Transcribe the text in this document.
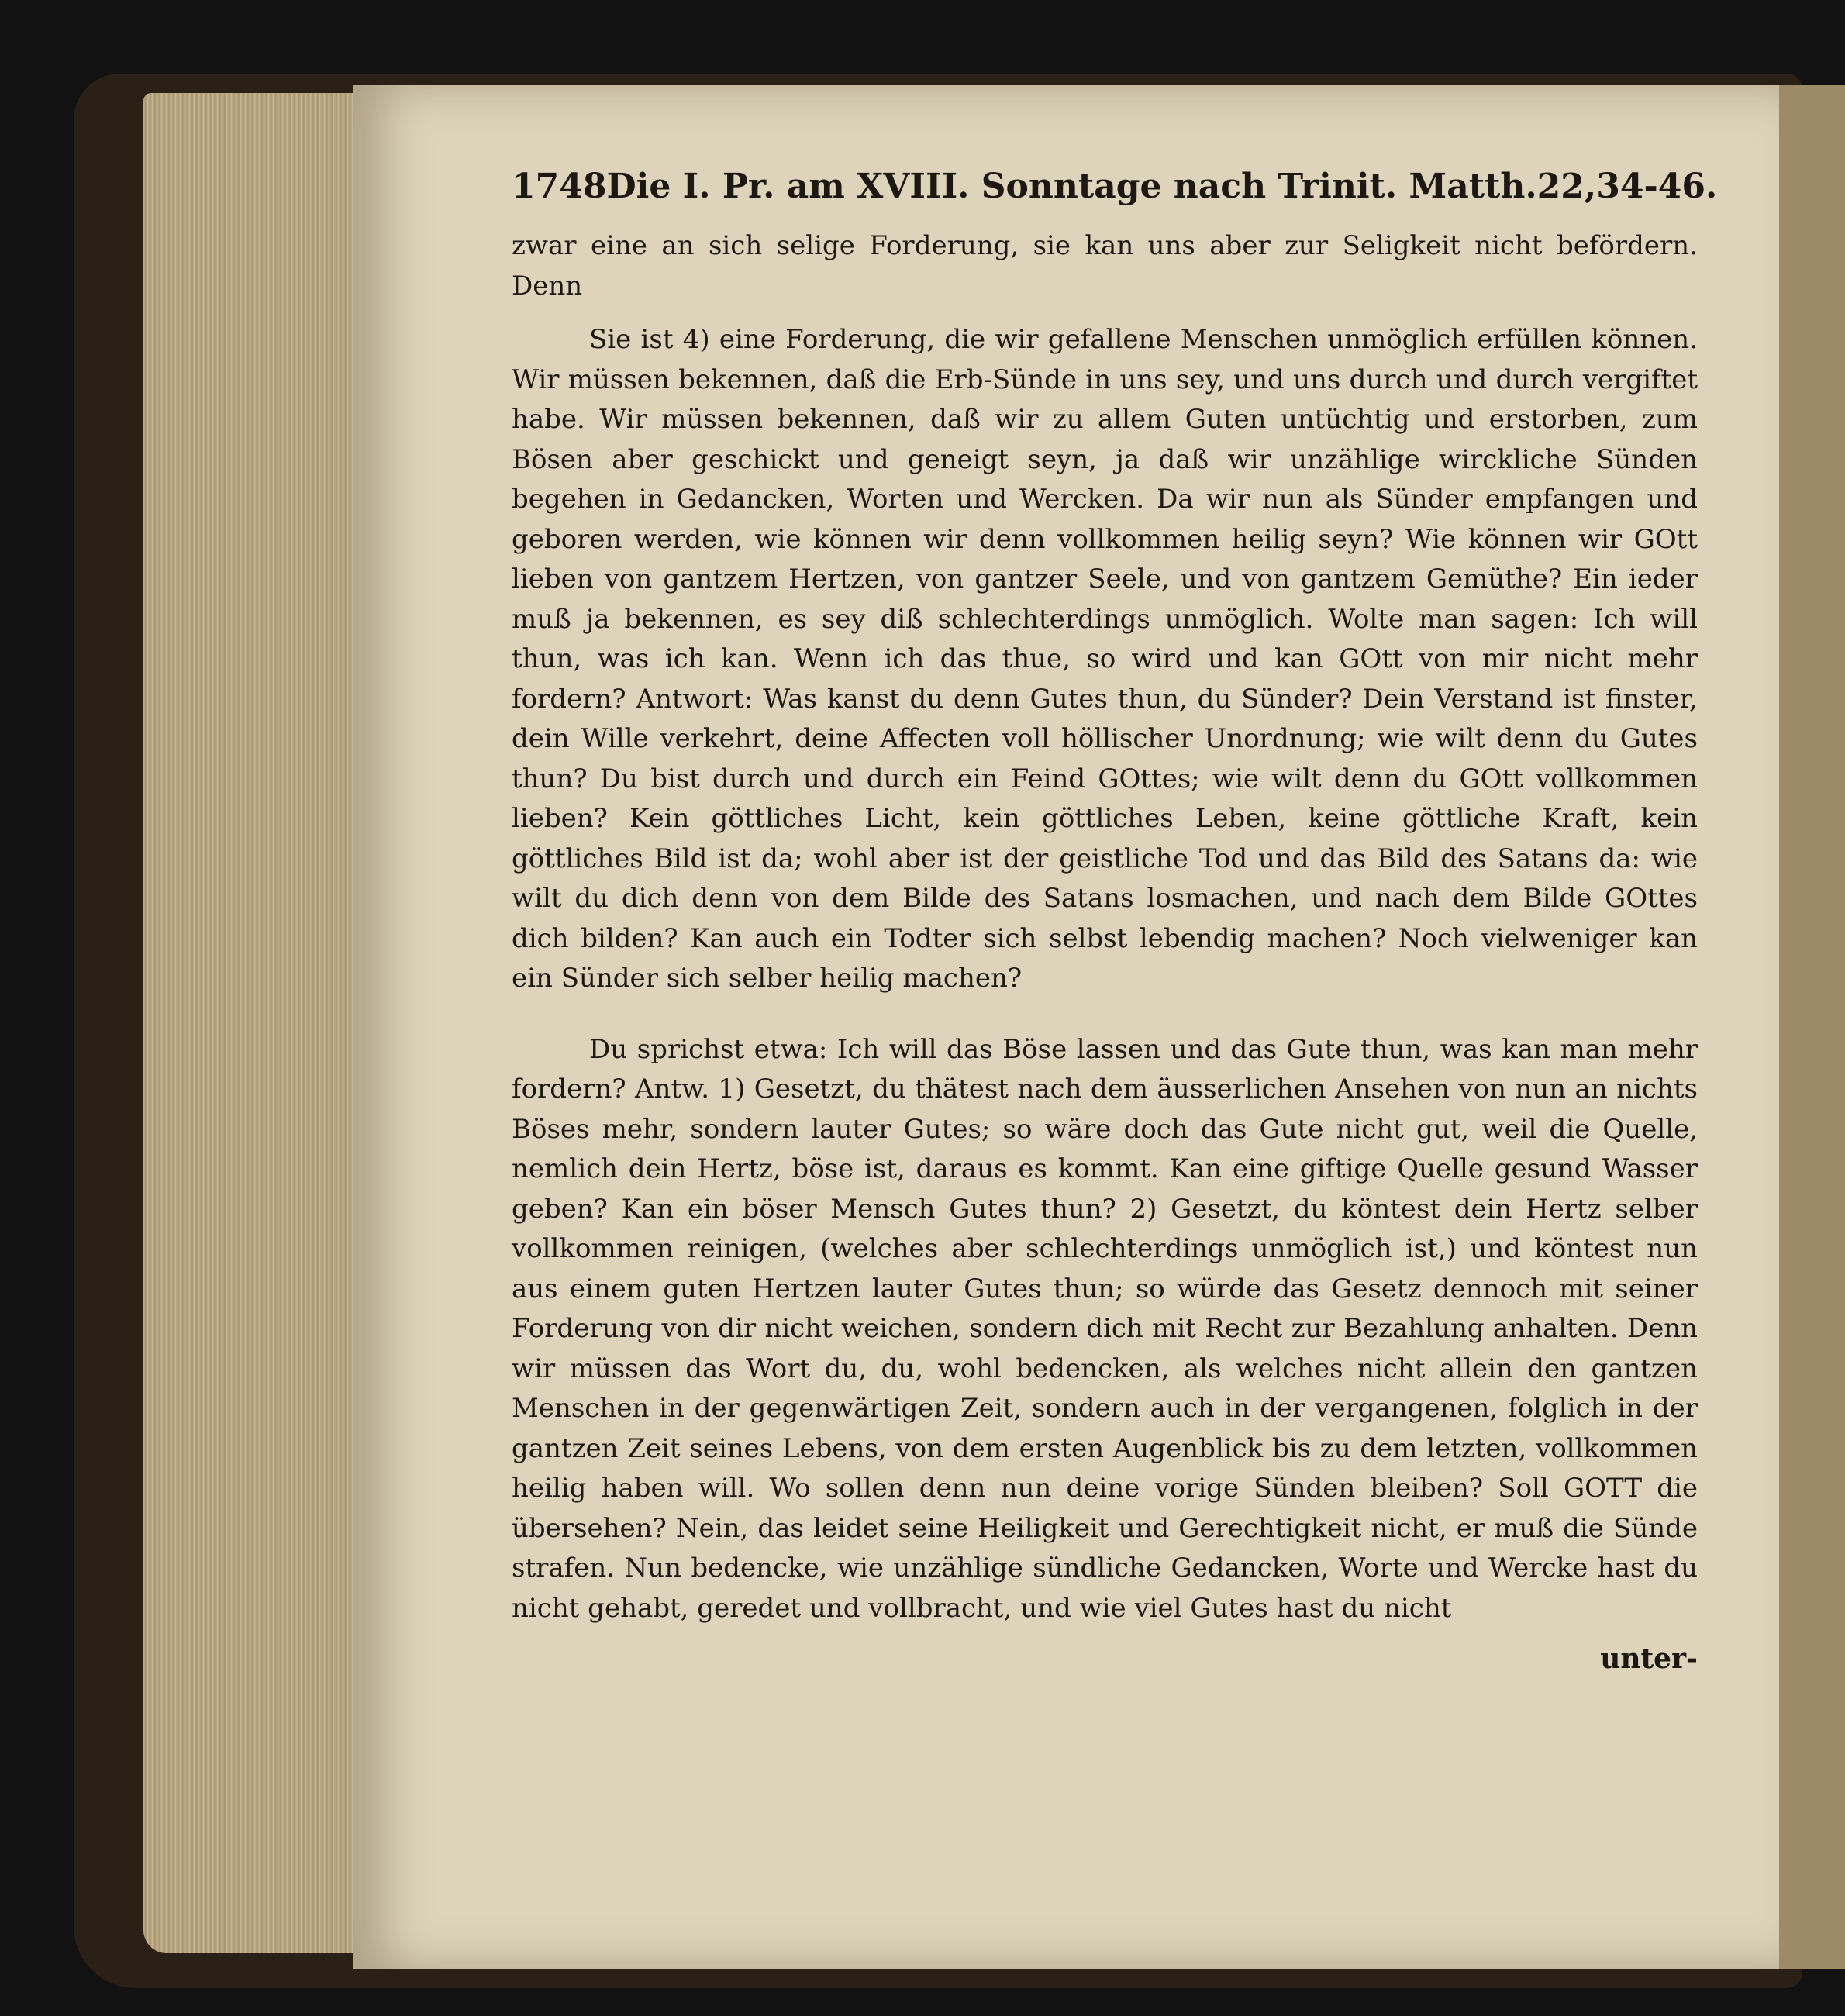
1748 Die I. Pr. am XVIII. Sonntage nach Trinit. Matth.22,34-46.

zwar eine an sich selige Forderung, sie kan uns aber zur Seligkeit nicht befördern. Denn

Sie ist 4) eine Forderung, die wir gefallene Menschen unmöglich erfüllen können. Wir müssen bekennen, daß die Erb-Sünde in uns sey, und uns durch und durch vergiftet habe. Wir müssen bekennen, daß wir zu allem Guten untüchtig und erstorben, zum Bösen aber geschickt und geneigt seyn, ja daß wir unzählige wirckliche Sünden begehen in Gedancken, Worten und Wercken. Da wir nun als Sünder empfangen und geboren werden, wie können wir denn vollkommen heilig seyn? Wie können wir GOtt lieben von gantzem Hertzen, von gantzer Seele, und von gantzem Gemüthe? Ein ieder muß ja bekennen, es sey diß schlechterdings unmöglich. Wolte man sagen: Ich will thun, was ich kan. Wenn ich das thue, so wird und kan GOtt von mir nicht mehr fordern? Antwort: Was kanst du denn Gutes thun, du Sünder? Dein Verstand ist finster, dein Wille verkehrt, deine Affecten voll höllischer Unordnung; wie wilt denn du Gutes thun? Du bist durch und durch ein Feind GOttes; wie wilt denn du GOtt vollkommen lieben? Kein göttliches Licht, kein göttliches Leben, keine göttliche Kraft, kein göttliches Bild ist da; wohl aber ist der geistliche Tod und das Bild des Satans da: wie wilt du dich denn von dem Bilde des Satans losmachen, und nach dem Bilde GOttes dich bilden? Kan auch ein Todter sich selbst lebendig machen? Noch vielweniger kan ein Sünder sich selber heilig machen?

Du sprichst etwa: Ich will das Böse lassen und das Gute thun, was kan man mehr fordern? Antw. 1) Gesetzt, du thätest nach dem äusserlichen Ansehen von nun an nichts Böses mehr, sondern lauter Gutes; so wäre doch das Gute nicht gut, weil die Quelle, nemlich dein Hertz, böse ist, daraus es kommt. Kan eine giftige Quelle gesund Wasser geben? Kan ein böser Mensch Gutes thun? 2) Gesetzt, du köntest dein Hertz selber vollkommen reinigen, (welches aber schlechterdings unmöglich ist,) und köntest nun aus einem guten Hertzen lauter Gutes thun; so würde das Gesetz dennoch mit seiner Forderung von dir nicht weichen, sondern dich mit Recht zur Bezahlung anhalten. Denn wir müssen das Wort du, du, wohl bedencken, als welches nicht allein den gantzen Menschen in der gegenwärtigen Zeit, sondern auch in der vergangenen, folglich in der gantzen Zeit seines Lebens, von dem ersten Augenblick bis zu dem letzten, vollkommen heilig haben will. Wo sollen denn nun deine vorige Sünden bleiben? Soll GOTT die übersehen? Nein, das leidet seine Heiligkeit und Gerechtigkeit nicht, er muß die Sünde strafen. Nun bedencke, wie unzählige sündliche Gedancken, Worte und Wercke hast du nicht gehabt, geredet und vollbracht, und wie viel Gutes hast du nicht

unter-
